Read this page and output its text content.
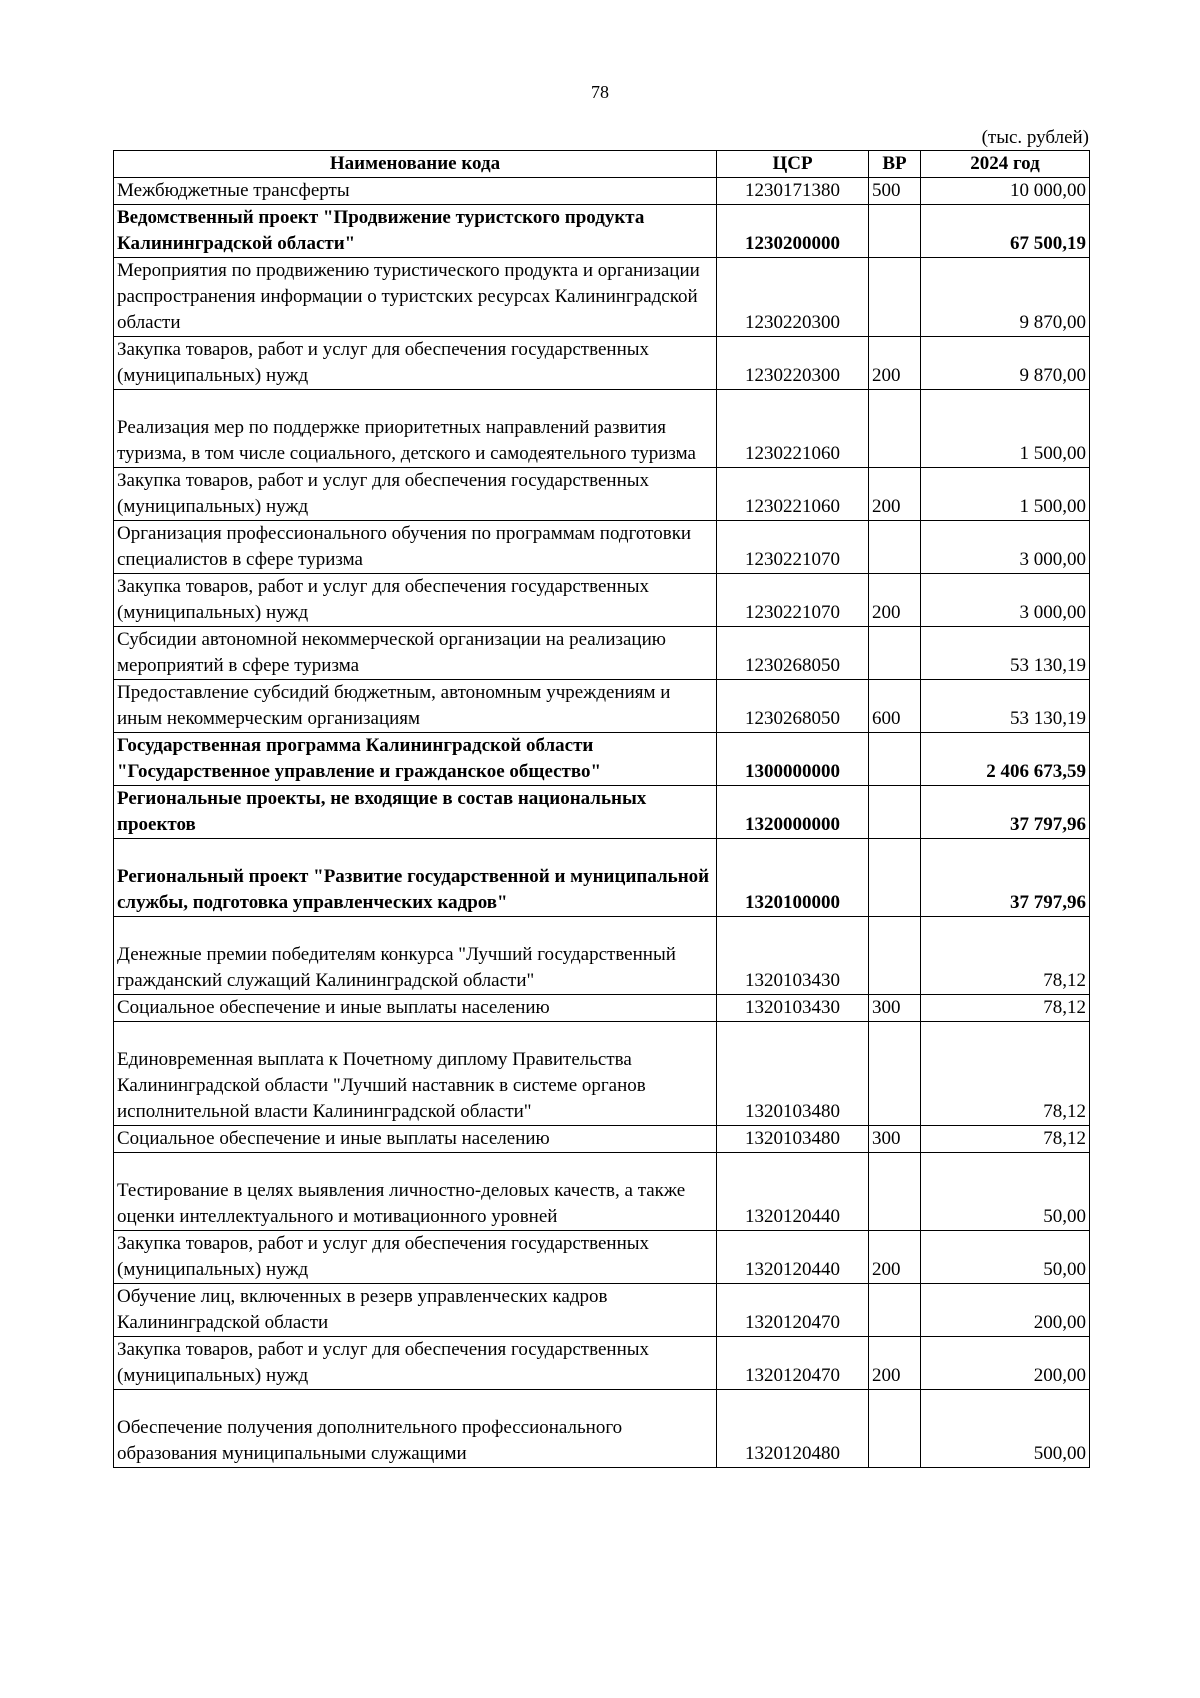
78
(тыс. рублей)
Наименование кода	ЦСР	ВР	2024 год
Межбюджетные трансферты	1230171380	500	10 000,00
Ведомственный проект "Продвижение туристского продукта Калининградской области"	1230200000		67 500,19
Мероприятия по продвижению туристического продукта и организации распространения информации о туристских ресурсах Калининградской области	1230220300		9 870,00
Закупка товаров, работ и услуг для обеспечения государственных (муниципальных) нужд	1230220300	200	9 870,00
Реализация мер по поддержке приоритетных направлений развития туризма, в том числе социального, детского и самодеятельного туризма	1230221060		1 500,00
Закупка товаров, работ и услуг для обеспечения государственных (муниципальных) нужд	1230221060	200	1 500,00
Организация профессионального обучения по программам подготовки специалистов в сфере туризма	1230221070		3 000,00
Закупка товаров, работ и услуг для обеспечения государственных (муниципальных) нужд	1230221070	200	3 000,00
Субсидии автономной некоммерческой организации на реализацию мероприятий в сфере туризма	1230268050		53 130,19
Предоставление субсидий бюджетным, автономным учреждениям и иным некоммерческим организациям	1230268050	600	53 130,19
Государственная программа Калининградской области "Государственное управление и гражданское общество"	1300000000		2 406 673,59
Региональные проекты, не входящие в состав национальных проектов	1320000000		37 797,96
Региональный проект "Развитие государственной и муниципальной службы, подготовка управленческих кадров"	1320100000		37 797,96
Денежные премии победителям конкурса "Лучший государственный гражданский служащий Калининградской области"	1320103430		78,12
Социальное обеспечение и иные выплаты населению	1320103430	300	78,12
Единовременная выплата к Почетному диплому Правительства Калининградской области "Лучший наставник в системе органов исполнительной власти Калининградской области"	1320103480		78,12
Социальное обеспечение и иные выплаты населению	1320103480	300	78,12
Тестирование в целях выявления личностно-деловых качеств, а также оценки интеллектуального и мотивационного уровней	1320120440		50,00
Закупка товаров, работ и услуг для обеспечения государственных (муниципальных) нужд	1320120440	200	50,00
Обучение лиц, включенных в резерв управленческих кадров Калининградской области	1320120470		200,00
Закупка товаров, работ и услуг для обеспечения государственных (муниципальных) нужд	1320120470	200	200,00
Обеспечение получения дополнительного профессионального образования муниципальными служащими	1320120480		500,00
